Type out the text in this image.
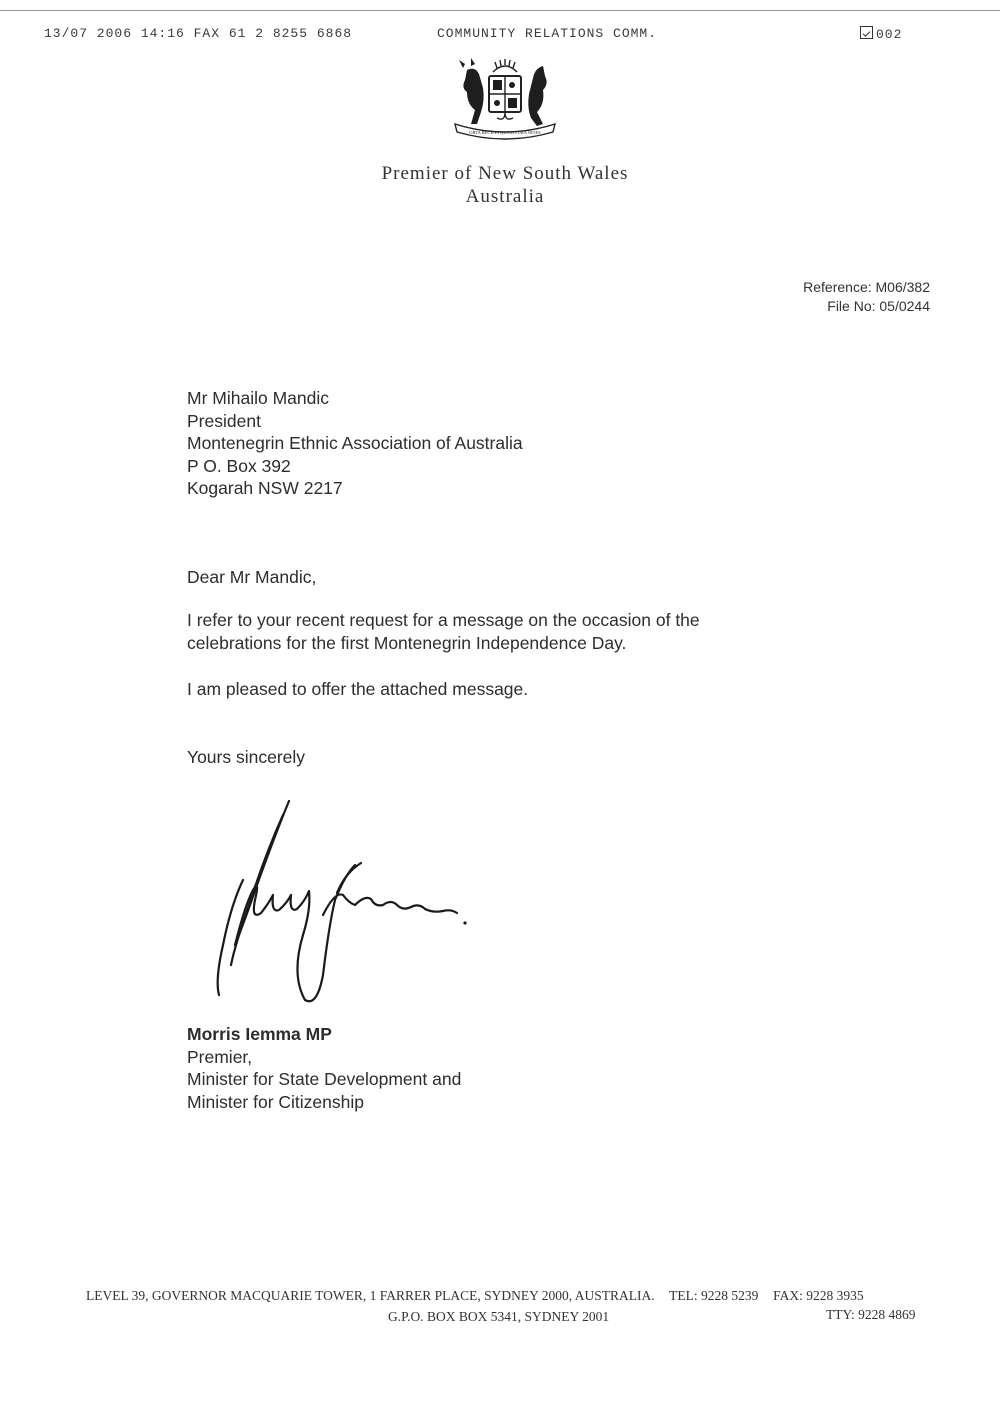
13/07 2006 14:16 FAX 61 2 8255 6868	COMMUNITY RELATIONS COMM.	002
ORTA RECENS QUAM PURA NITES
Premier of New South Wales
Australia
Reference: M06/382
File No: 05/0244
Mr Mihailo Mandic
President
Montenegrin Ethnic Association of Australia
P O. Box 392
Kogarah NSW 2217
Dear Mr Mandic,
I refer to your recent request for a message on the occasion of the
celebrations for the first Montenegrin Independence Day.
I am pleased to offer the attached message.
Yours sincerely
Morris Iemma MP
Premier,
Minister for State Development and
Minister for Citizenship
LEVEL 39, GOVERNOR MACQUARIE TOWER, 1 FARRER PLACE, SYDNEY 2000, AUSTRALIA. TEL: 9228 5239 FAX: 9228 3935
G.P.O. BOX BOX 5341, SYDNEY 2001	TTY: 9228 4869
